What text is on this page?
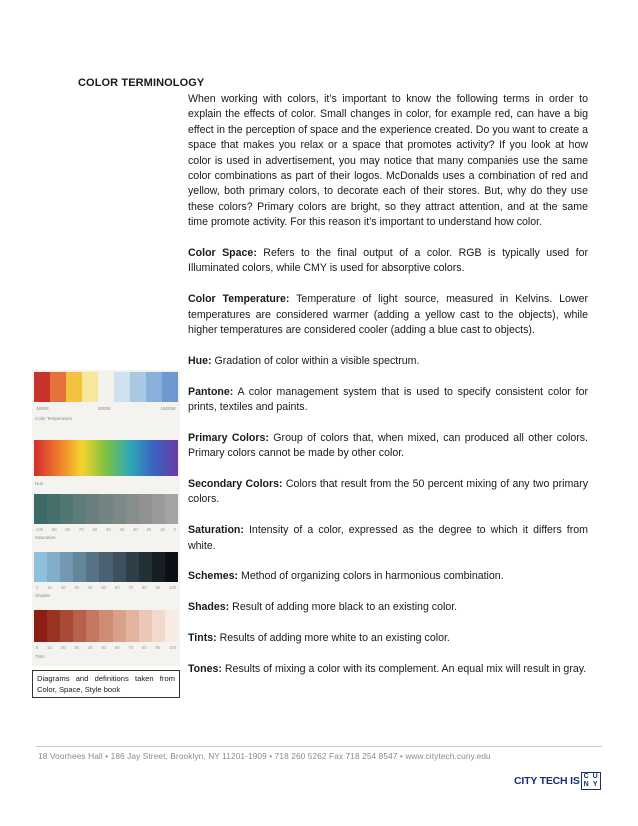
COLOR TERMINOLOGY

When working with colors, it’s important to know the following terms in order to explain the effects of color. Small changes in color, for example red, can have a big effect in the perception of space and the experience created. Do you want to create a space that makes you relax or a space that promotes activity? If you look at how color is used in advertisement, you may notice that many companies use the same color combinations as part of their logos. McDonalds uses a combination of red and yellow, both primary colors, to decorate each of their stores. But, why do they use these colors? Primary colors are bright, so they attract attention, and at the same time promote activity. For this reason it’s important to understand how color.

Color Space: Refers to the final output of a color. RGB is typically used for Illuminated colors, while CMY is used for absorptive colors.

Color Temperature: Temperature of light source, measured in Kelvins. Lower temperatures are considered warmer (adding a yellow cast to the objects), while higher temperatures are considered cooler (adding a blue cast to objects).

Hue: Gradation of color within a visible spectrum.

Pantone: A color management system that is used to specify consistent color for prints, textiles and paints.

Primary Colors: Group of colors that, when mixed, can produced all other colors. Primary colors cannot be made by other color.

Secondary Colors: Colors that result from the 50 percent mixing of any two primary colors.

Saturation: Intensity of a color, expressed as the degree to which it differs from white.

Schemes: Method of organizing colors in harmonious combination.

Shades: Result of adding more black to an existing color.

Tints: Results of adding more white to an existing color.

Tones: Results of mixing a color with its complement. An equal mix will result in gray.

1800K	5000K	16000K
Color Temperature
Hue
100 90 80 70 60 50 40 30 20 10 0
Saturation
0 10 20 30 40 50 60 70 80 90 100
Shades
0 10 20 30 40 50 60 70 80 90 100
Tints
Diagrams and definitions taken from Color, Space, Style book
18 Voorhees Hall • 186 Jay Street, Brooklyn, NY 11201-1909 • 718 260 5262 Fax 718 254 8547 • www.citytech.cuny.edu
CITY TECH IS C U
N Y
